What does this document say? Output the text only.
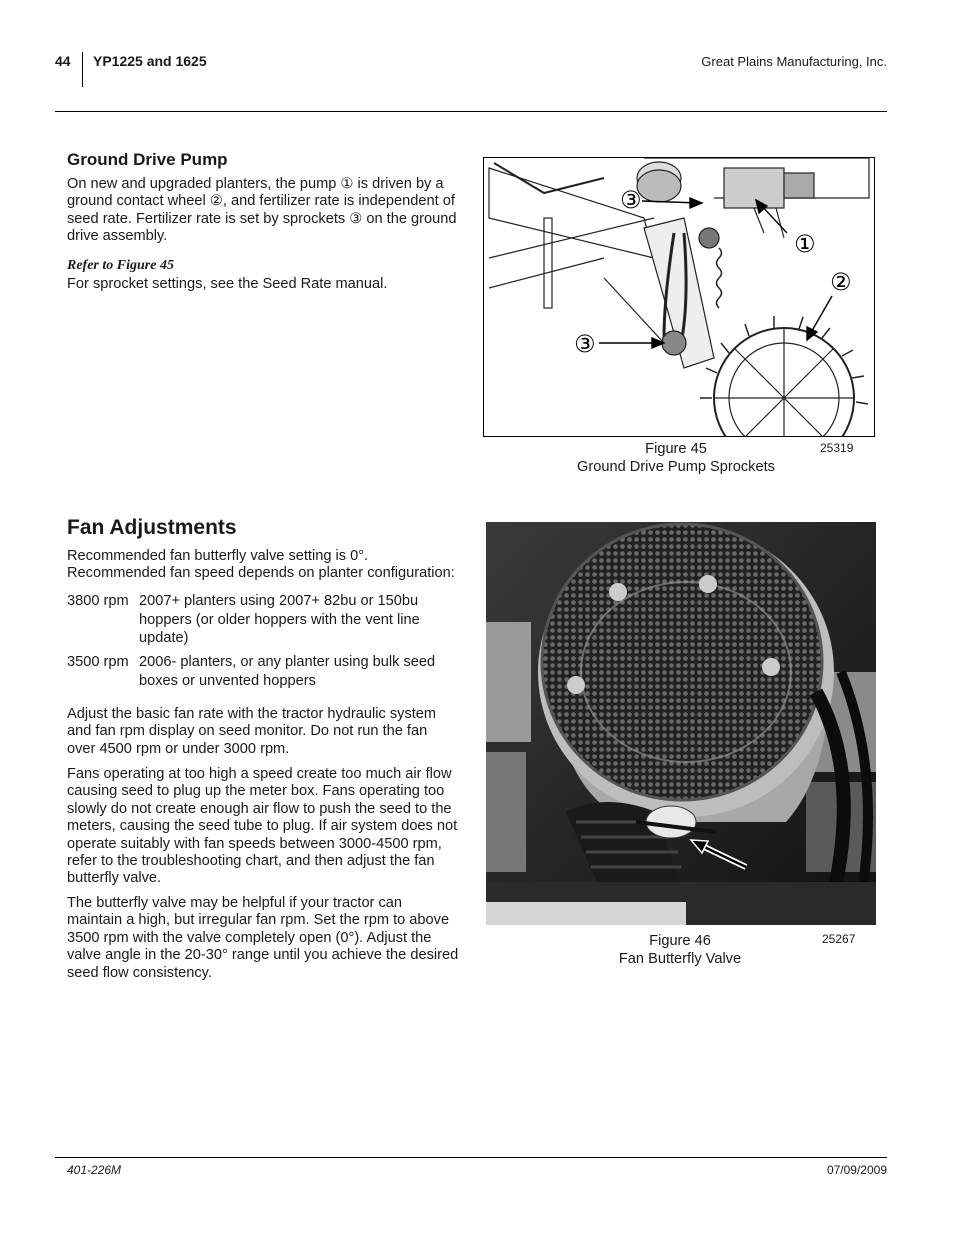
44 YP1225 and 1625	Great Plains Manufacturing, Inc.
Ground Drive Pump

On new and upgraded planters, the pump ① is driven by a ground contact wheel ②, and fertilizer rate is independent of seed rate. Fertilizer rate is set by sprockets ③ on the ground drive assembly.

Refer to Figure 45
For sprocket settings, see the Seed Rate manual.
③
①
②
③
Figure 45
Ground Drive Pump Sprockets
25319
Fan Adjustments
Recommended fan butterfly valve setting is 0°. Recommended fan speed depends on planter configuration:
3800 rpm 2007+ planters using 2007+ 82bu or 150bu hoppers (or older hoppers with the vent line update)
3500 rpm 2006- planters, or any planter using bulk seed boxes or unvented hoppers
Adjust the basic fan rate with the tractor hydraulic system and fan rpm display on seed monitor. Do not run the fan over 4500 rpm or under 3000 rpm.
Fans operating at too high a speed create too much air flow causing seed to plug up the meter box. Fans operating too slowly do not create enough air flow to push the seed to the meters, causing the seed tube to plug. If air system does not operate suitably with fan speeds between 3000-4500 rpm, refer to the troubleshooting chart, and then adjust the fan butterfly valve.
The butterfly valve may be helpful if your tractor can maintain a high, but irregular fan rpm. Set the rpm to above 3500 rpm with the valve completely open (0°). Adjust the valve angle in the 20-30° range until you achieve the desired seed flow consistency.
Figure 46
Fan Butterfly Valve
25267
401-226M	07/09/2009
